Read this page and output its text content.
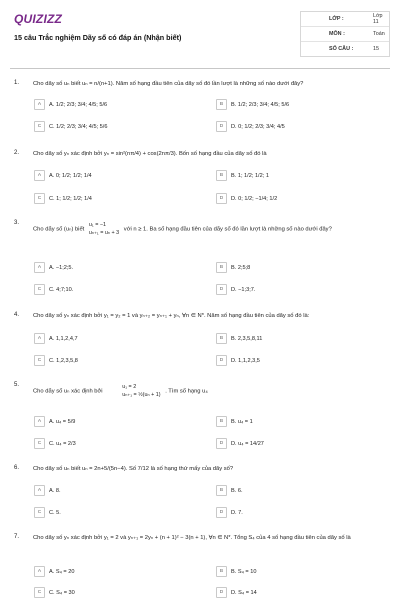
QUIZIZZ
15 câu Trắc nghiệm Dãy số có đáp án (Nhận biết)
LỚP :	Lớp 11
MÔN :	Toán
SỐ CÂU :	15
1. Cho dãy số uₙ biết uₙ = n/(n+1). Năm số hạng đầu tiên của dãy số đó lần lượt là những số nào dưới đây?
A	A. 1/2; 2/3; 3/4; 4/5; 5/6	B	B. 1/2; 2/3; 3/4; 4/5; 5/6
C	C. 1/2; 2/3; 3/4; 4/5; 5/6	D	D. 0; 1/2; 2/3; 3/4; 4/5
2. Cho dãy số yₙ xác định bởi yₙ = sin²(nπ/4) + cos(2nπ/3). Bốn số hạng đầu của dãy số đó là
A	A. 0; 1/2; 1/2; 1/4	B	B. 1; 1/2; 1/2; 1
C	C. 1; 1/2; 1/2; 1/4	D	D. 0; 1/2; −1/4; 1/2
3.
Cho dãy số (uₙ) biết
u₁ = −1
uₙ₊₁ = uₙ + 3
với n ≥ 1. Ba số hạng đầu tiên của dãy số đó lần lượt là những số nào dưới đây?
A	A. −1;2;5.	B	B. 2;5;8
C	C. 4;7;10.	D	D. −1;3;7.
4. Cho dãy số yₙ xác định bởi y₁ = y₂ = 1 và yₙ₊₂ = yₙ₊₁ + yₙ, ∀n ∈ N*. Năm số hạng đầu tiên của dãy số đó là:
A	A. 1,1,2,4,7	B	B. 2,3,5,8,11
C	C. 1,2,3,5,8	D	D. 1,1,2,3,5
5.
Cho dãy số uₙ xác định bởi
u₁ = 2
uₙ₊₁ = ½(uₙ + 1)
. Tìm số hạng u₄
A	A. u₄ = 5/9	B	B. u₄ = 1
C	C. u₄ = 2/3	D	D. u₄ = 14/27
6. Cho dãy số uₙ biết uₙ = 2n+5/(5n−4). Số 7/12 là số hạng thứ mấy của dãy số?
A	A. 8.	B	B. 6.
C	C. 5.	D	D. 7.
7. Cho dãy số yₙ xác định bởi y₁ = 2 và yₙ₊₁ = 2yₙ + (n + 1)² − 3(n + 1), ∀n ∈ N*. Tổng S₄ của 4 số hạng đầu tiên của dãy số là
A	A. S₄ = 20	B	B. S₄ = 10
C	C. S₄ = 30	D	D. S₄ = 14
